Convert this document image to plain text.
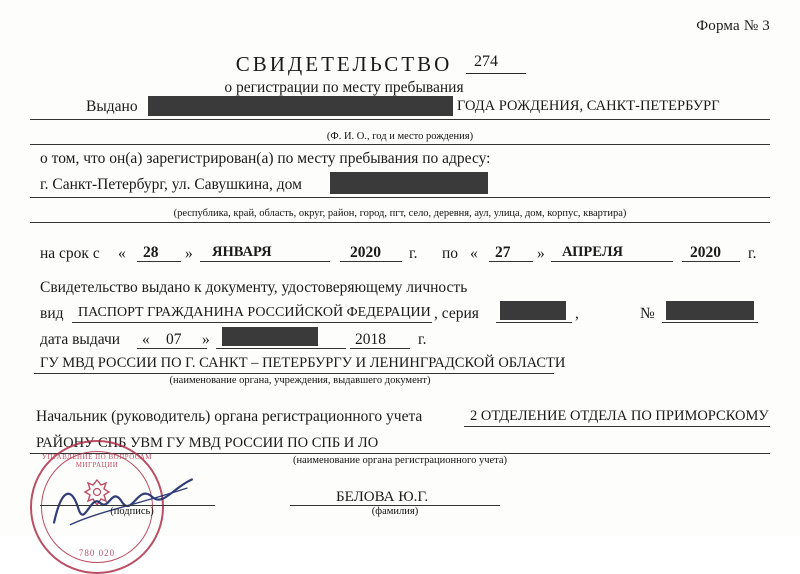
Форма № 3
СВИДЕТЕЛЬСТВО	274
о регистрации по месту пребывания
Выдано	ГОДА РОЖДЕНИЯ, САНКТ-ПЕТЕРБУРГ
(Ф. И. О., год и место рождения)
о том, что он(а) зарегистрирован(а) по месту пребывания по адресу:
г. Санкт-Петербург, ул. Савушкина, дом
(республика, край, область, округ, район, город, пгт, село, деревня, аул, улица, дом, корпус, квартира)
на срок с « 28 » ЯНВАРЯ	2020 г. по « 27 » АПРЕЛЯ	2020 г.
Свидетельство выдано к документу, удостоверяющему личность
вид ПАСПОРТ ГРАЖДАНИНА РОССИЙСКОЙ ФЕДЕРАЦИИ , серия	,	№
дата выдачи « 07 »	2018 г.
ГУ МВД РОССИИ ПО Г. САНКТ – ПЕТЕРБУРГУ И ЛЕНИНГРАДСКОЙ ОБЛАСТИ
(наименование органа, учреждения, выдавшего документ)
Начальник (руководитель) органа регистрационного учета	2 ОТДЕЛЕНИЕ ОТДЕЛА ПО ПРИМОРСКОМУ
РАЙОНУ СПБ УВМ ГУ МВД РОССИИ ПО СПБ И ЛО
(наименование органа регистрационного учета)
УПРАВЛЕНИЕ ПО ВОПРОСАМ МИГРАЦИИ
780 020
(подпись)
БЕЛОВА Ю.Г.
(фамилия)
